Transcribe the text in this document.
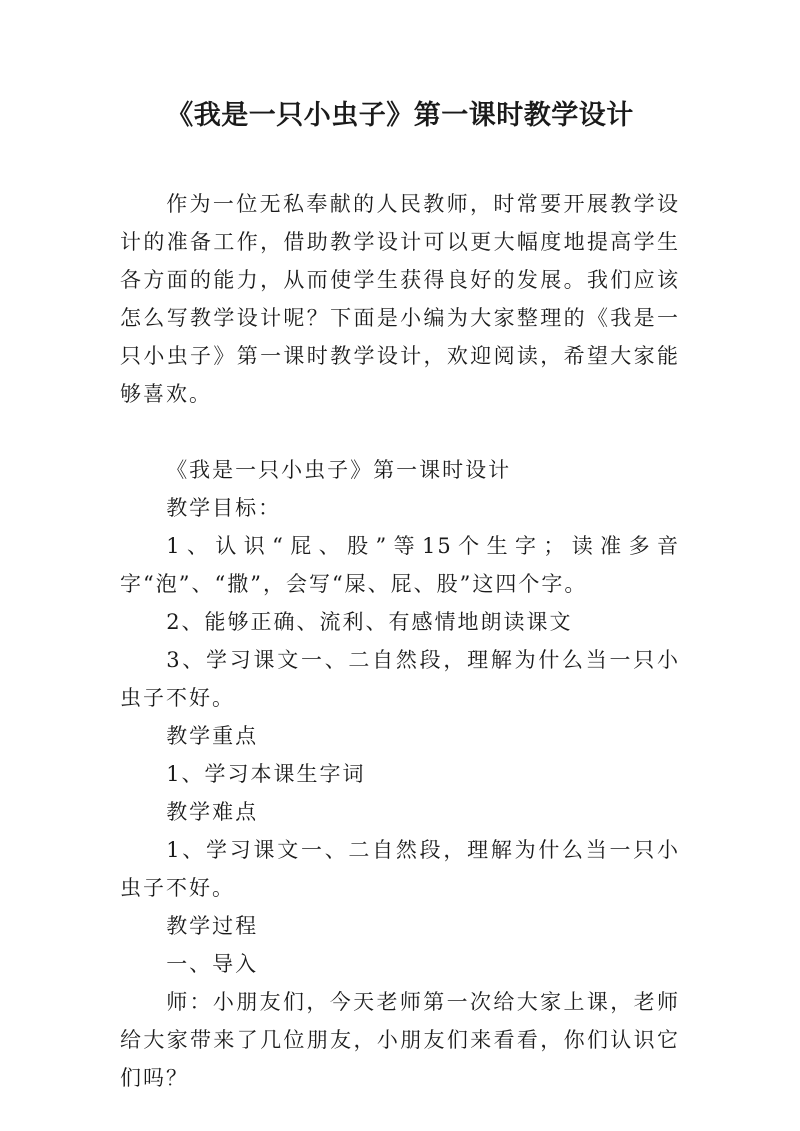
《我是一只小虫子》第一课时教学设计

作为一位无私奉献的人民教师，时常要开展教学设计的准备工作，借助教学设计可以更大幅度地提高学生各方面的能力，从而使学生获得良好的发展。我们应该怎么写教学设计呢？下面是小编为大家整理的《我是一只小虫子》第一课时教学设计，欢迎阅读，希望大家能够喜欢。

《我是一只小虫子》第一课时设计

教学目标：

1、认识“屁、股”等15个生字；读准多音字“泡”、“撒”，会写“屎、屁、股”这四个字。

2、能够正确、流利、有感情地朗读课文

3、学习课文一、二自然段，理解为什么当一只小虫子不好。

教学重点

1、学习本课生字词

教学难点

1、学习课文一、二自然段，理解为什么当一只小虫子不好。

教学过程

一、导入

师：小朋友们，今天老师第一次给大家上课，老师给大家带来了几位朋友，小朋友们来看看，你们认识它们吗？
